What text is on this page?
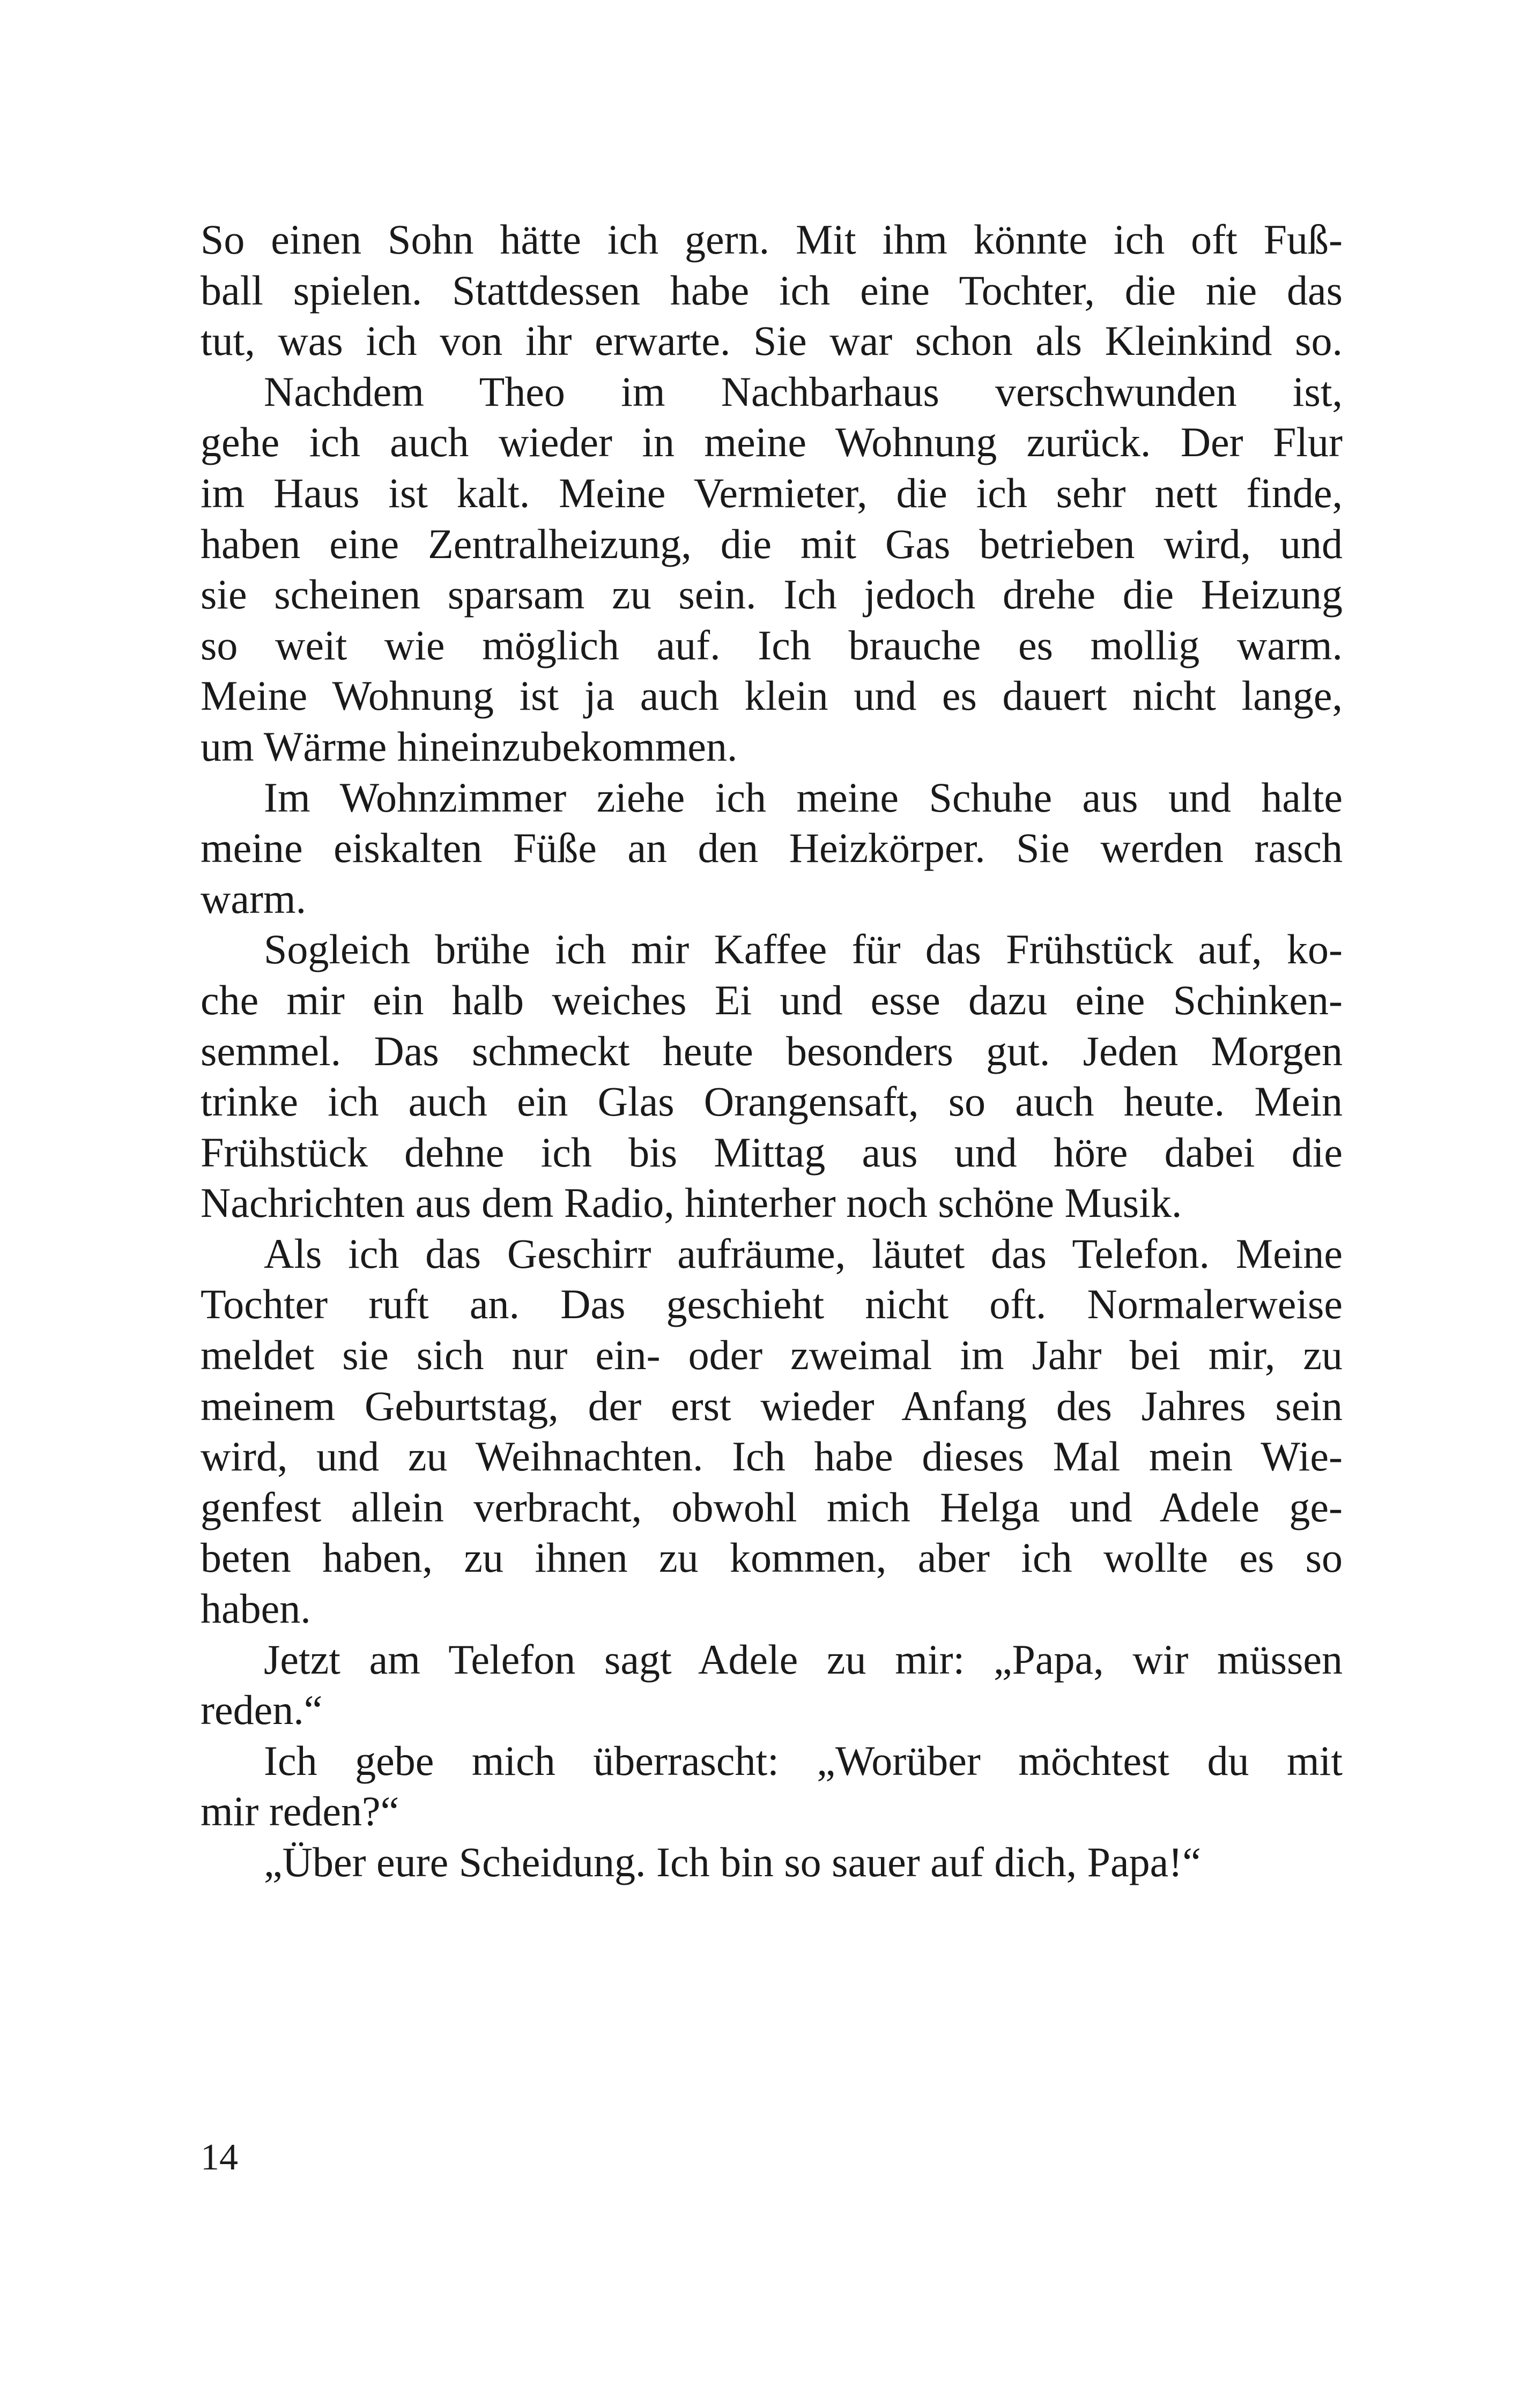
So einen Sohn hätte ich gern. Mit ihm könnte ich oft Fuß-
ball spielen. Stattdessen habe ich eine Tochter, die nie das
tut, was ich von ihr erwarte. Sie war schon als Kleinkind so.
Nachdem Theo im Nachbarhaus verschwunden ist,
gehe ich auch wieder in meine Wohnung zurück. Der Flur
im Haus ist kalt. Meine Vermieter, die ich sehr nett finde,
haben eine Zentralheizung, die mit Gas betrieben wird, und
sie scheinen sparsam zu sein. Ich jedoch drehe die Heizung
so weit wie möglich auf. Ich brauche es mollig warm.
Meine Wohnung ist ja auch klein und es dauert nicht lange,
um Wärme hineinzubekommen.
Im Wohnzimmer ziehe ich meine Schuhe aus und halte
meine eiskalten Füße an den Heizkörper. Sie werden rasch
warm.
Sogleich brühe ich mir Kaffee für das Frühstück auf, ko-
che mir ein halb weiches Ei und esse dazu eine Schinken-
semmel. Das schmeckt heute besonders gut. Jeden Morgen
trinke ich auch ein Glas Orangensaft, so auch heute. Mein
Frühstück dehne ich bis Mittag aus und höre dabei die
Nachrichten aus dem Radio, hinterher noch schöne Musik.
Als ich das Geschirr aufräume, läutet das Telefon. Meine
Tochter ruft an. Das geschieht nicht oft. Normalerweise
meldet sie sich nur ein- oder zweimal im Jahr bei mir, zu
meinem Geburtstag, der erst wieder Anfang des Jahres sein
wird, und zu Weihnachten. Ich habe dieses Mal mein Wie-
genfest allein verbracht, obwohl mich Helga und Adele ge-
beten haben, zu ihnen zu kommen, aber ich wollte es so
haben.
Jetzt am Telefon sagt Adele zu mir: „Papa, wir müssen
reden.“
Ich gebe mich überrascht: „Worüber möchtest du mit
mir reden?“
„Über eure Scheidung. Ich bin so sauer auf dich, Papa!“
14
